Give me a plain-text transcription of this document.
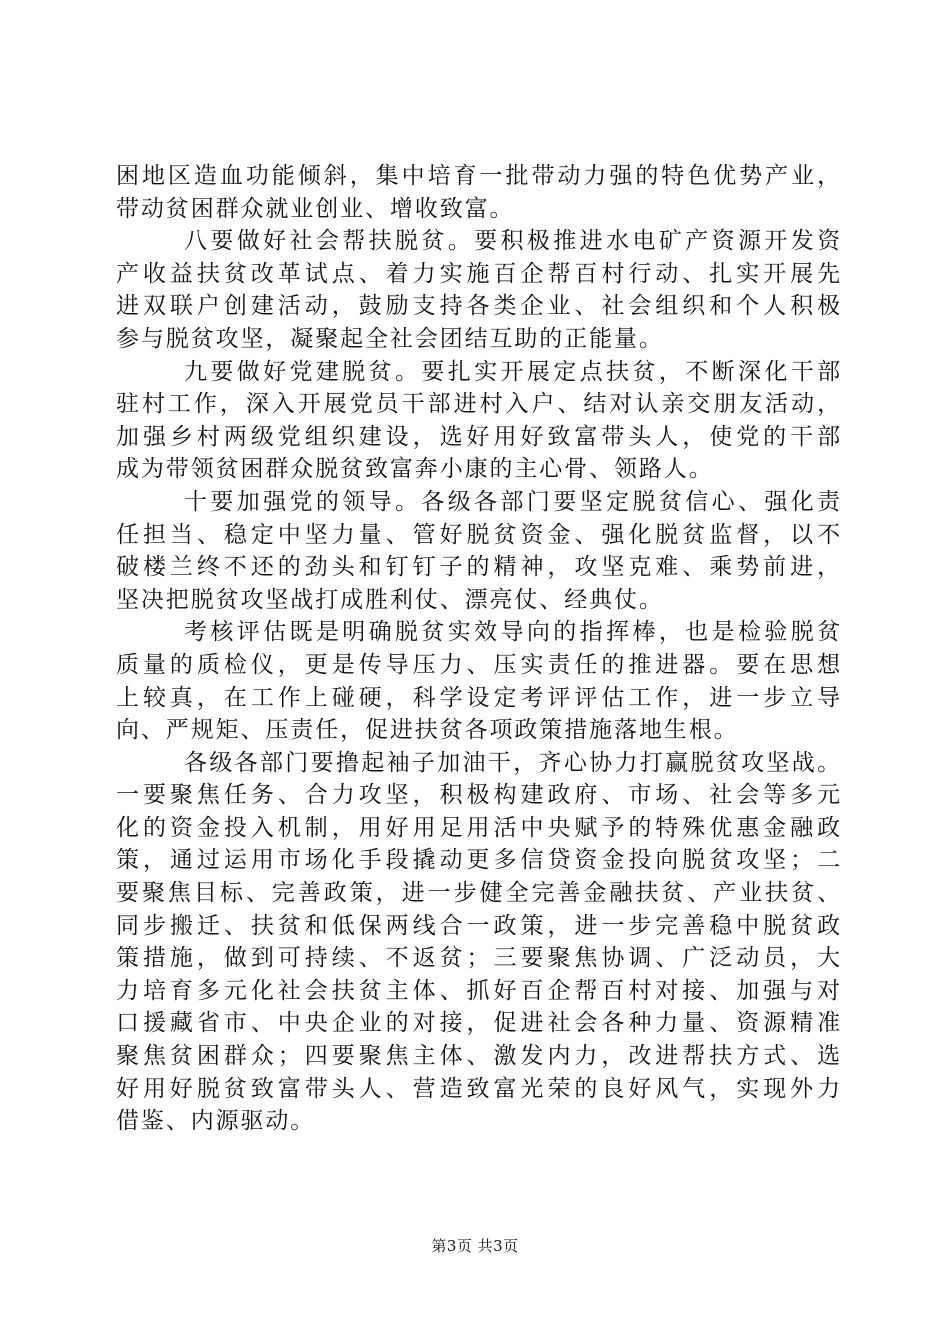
困地区造血功能倾斜，集中培育一批带动力强的特色优势产业，
带动贫困群众就业创业、增收致富。
八要做好社会帮扶脱贫。要积极推进水电矿产资源开发资
产收益扶贫改革试点、着力实施百企帮百村行动、扎实开展先
进双联户创建活动，鼓励支持各类企业、社会组织和个人积极
参与脱贫攻坚，凝聚起全社会团结互助的正能量。
九要做好党建脱贫。要扎实开展定点扶贫，不断深化干部
驻村工作，深入开展党员干部进村入户、结对认亲交朋友活动，
加强乡村两级党组织建设，选好用好致富带头人，使党的干部
成为带领贫困群众脱贫致富奔小康的主心骨、领路人。
十要加强党的领导。各级各部门要坚定脱贫信心、强化责
任担当、稳定中坚力量、管好脱贫资金、强化脱贫监督，以不
破楼兰终不还的劲头和钉钉子的精神，攻坚克难、乘势前进，
坚决把脱贫攻坚战打成胜利仗、漂亮仗、经典仗。
考核评估既是明确脱贫实效导向的指挥棒，也是检验脱贫
质量的质检仪，更是传导压力、压实责任的推进器。要在思想
上较真，在工作上碰硬，科学设定考评评估工作，进一步立导
向、严规矩、压责任，促进扶贫各项政策措施落地生根。
各级各部门要撸起袖子加油干，齐心协力打赢脱贫攻坚战。
一要聚焦任务、合力攻坚，积极构建政府、市场、社会等多元
化的资金投入机制，用好用足用活中央赋予的特殊优惠金融政
策，通过运用市场化手段撬动更多信贷资金投向脱贫攻坚；二
要聚焦目标、完善政策，进一步健全完善金融扶贫、产业扶贫、
同步搬迁、扶贫和低保两线合一政策，进一步完善稳中脱贫政
策措施，做到可持续、不返贫；三要聚焦协调、广泛动员，大
力培育多元化社会扶贫主体、抓好百企帮百村对接、加强与对
口援藏省市、中央企业的对接，促进社会各种力量、资源精准
聚焦贫困群众；四要聚焦主体、激发内力，改进帮扶方式、选
好用好脱贫致富带头人、营造致富光荣的良好风气，实现外力
借鉴、内源驱动。
第3页 共3页
